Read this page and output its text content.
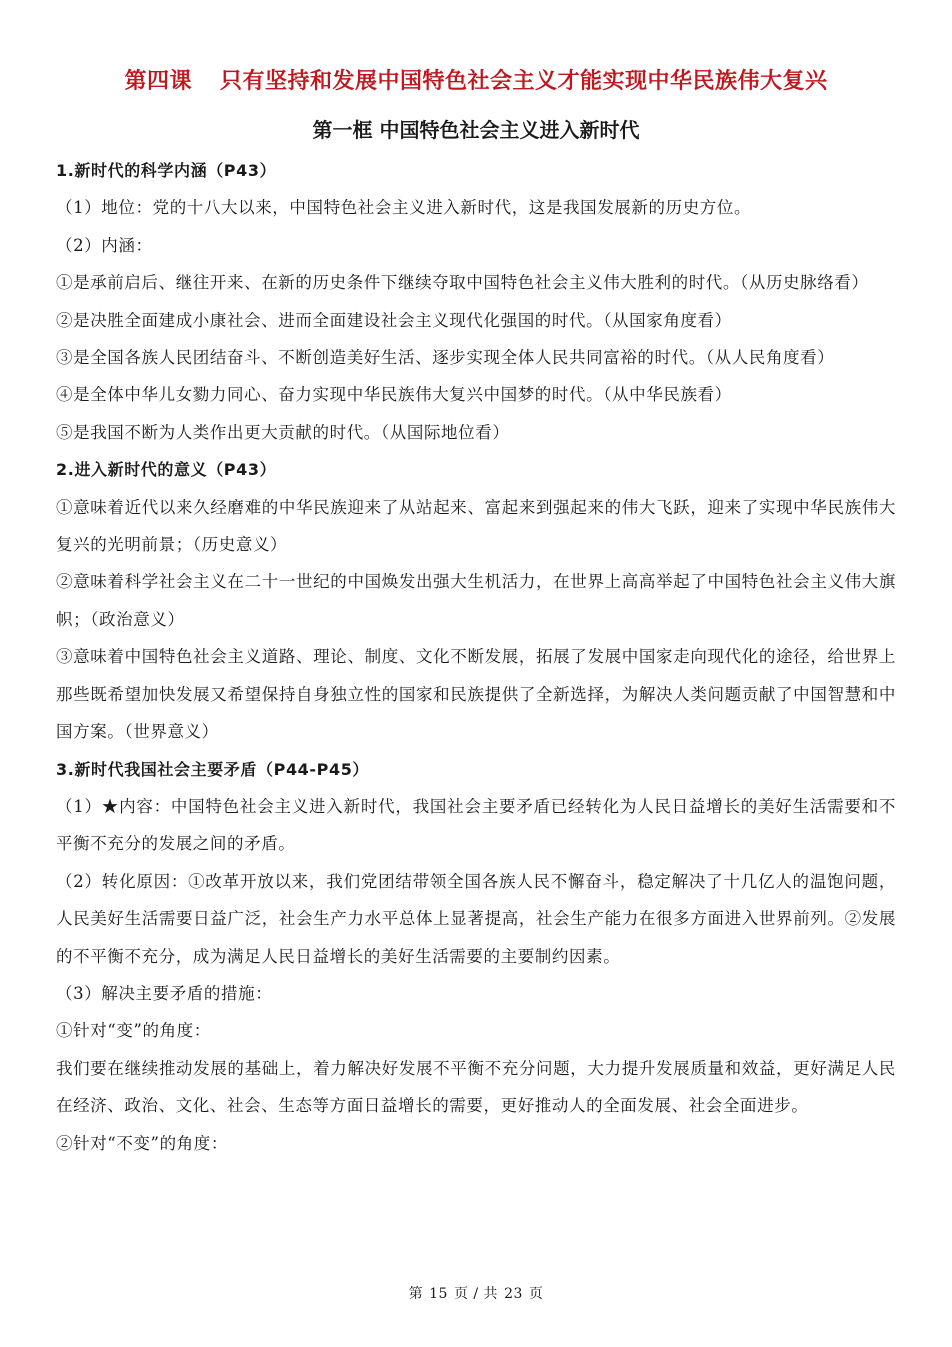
第四课 只有坚持和发展中国特色社会主义才能实现中华民族伟大复兴
第一框 中国特色社会主义进入新时代

1.新时代的科学内涵（P43）

（1）地位：党的十八大以来，中国特色社会主义进入新时代，这是我国发展新的历史方位。

（2）内涵：

①是承前启后、继往开来、在新的历史条件下继续夺取中国特色社会主义伟大胜利的时代。（从历史脉络看）

②是决胜全面建成小康社会、进而全面建设社会主义现代化强国的时代。（从国家角度看）

③是全国各族人民团结奋斗、不断创造美好生活、逐步实现全体人民共同富裕的时代。（从人民角度看）

④是全体中华儿女勠力同心、奋力实现中华民族伟大复兴中国梦的时代。（从中华民族看）

⑤是我国不断为人类作出更大贡献的时代。（从国际地位看）

2.进入新时代的意义（P43）

①意味着近代以来久经磨难的中华民族迎来了从站起来、富起来到强起来的伟大飞跃，迎来了实现中华民族伟大复兴的光明前景；（历史意义）

②意味着科学社会主义在二十一世纪的中国焕发出强大生机活力，在世界上高高举起了中国特色社会主义伟大旗帜；（政治意义）

③意味着中国特色社会主义道路、理论、制度、文化不断发展，拓展了发展中国家走向现代化的途径，给世界上那些既希望加快发展又希望保持自身独立性的国家和民族提供了全新选择，为解决人类问题贡献了中国智慧和中国方案。（世界意义）

3.新时代我国社会主要矛盾（P44-P45）

（1）★内容：中国特色社会主义进入新时代，我国社会主要矛盾已经转化为人民日益增长的美好生活需要和不平衡不充分的发展之间的矛盾。

（2）转化原因：①改革开放以来，我们党团结带领全国各族人民不懈奋斗，稳定解决了十几亿人的温饱问题，人民美好生活需要日益广泛，社会生产力水平总体上显著提高，社会生产能力在很多方面进入世界前列。②发展的不平衡不充分，成为满足人民日益增长的美好生活需要的主要制约因素。

（3）解决主要矛盾的措施：

①针对“变”的角度：

我们要在继续推动发展的基础上，着力解决好发展不平衡不充分问题，大力提升发展质量和效益，更好满足人民在经济、政治、文化、社会、生态等方面日益增长的需要，更好推动人的全面发展、社会全面进步。

②针对“不变”的角度：

第 15 页 / 共 23 页
